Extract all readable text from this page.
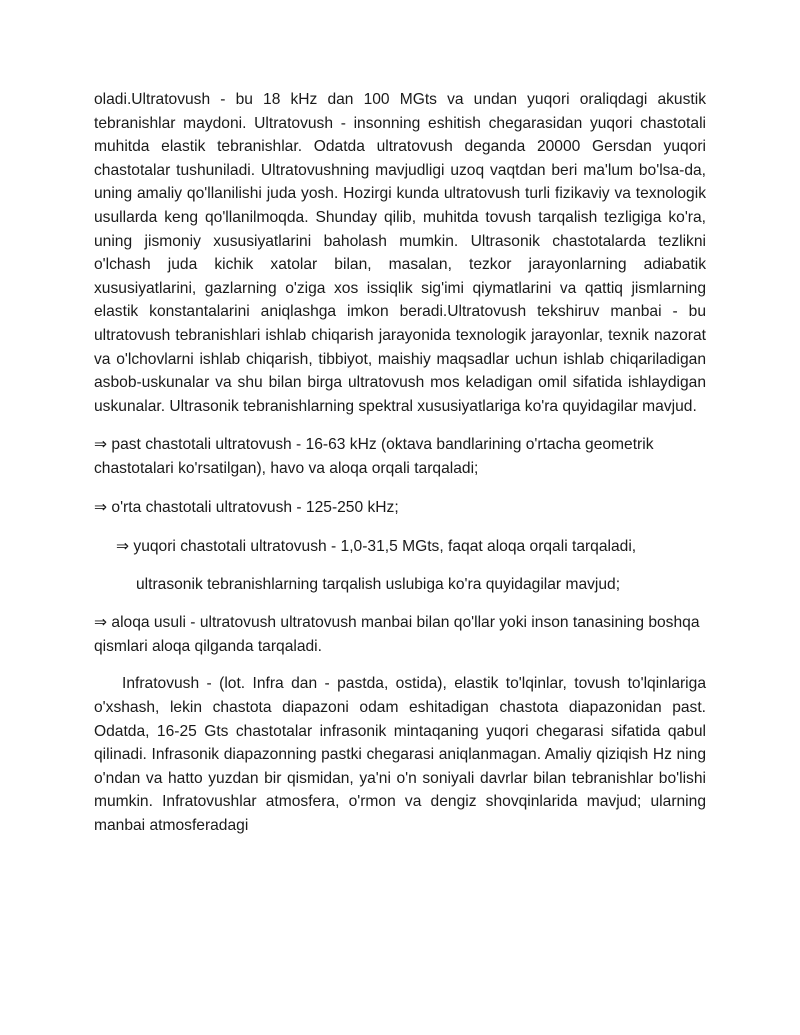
oladi.Ultratovush - bu 18 kHz dan 100 MGts va undan yuqori oraliqdagi akustik tebranishlar maydoni. Ultratovush - insonning eshitish chegarasidan yuqori chastotali muhitda elastik tebranishlar. Odatda ultratovush deganda 20000 Gersdan yuqori chastotalar tushuniladi. Ultratovushning mavjudligi uzoq vaqtdan beri ma'lum bo'lsa-da, uning amaliy qo'llanilishi juda yosh. Hozirgi kunda ultratovush turli fizikaviy va texnologik usullarda keng qo'llanilmoqda. Shunday qilib, muhitda tovush tarqalish tezligiga ko'ra, uning jismoniy xususiyatlarini baholash mumkin. Ultrasonik chastotalarda tezlikni o'lchash juda kichik xatolar bilan, masalan, tezkor jarayonlarning adiabatik xususiyatlarini, gazlarning o'ziga xos issiqlik sig'imi qiymatlarini va qattiq jismlarning elastik konstantalarini aniqlashga imkon beradi.Ultratovush tekshiruv manbai - bu ultratovush tebranishlari ishlab chiqarish jarayonida texnologik jarayonlar, texnik nazorat va o'lchovlarni ishlab chiqarish, tibbiyot, maishiy maqsadlar uchun ishlab chiqariladigan asbob-uskunalar va shu bilan birga ultratovush mos keladigan omil sifatida ishlaydigan uskunalar. Ultrasonik tebranishlarning spektral xususiyatlariga ko'ra quyidagilar mavjud.

⇒ past chastotali ultratovush - 16-63 kHz (oktava bandlarining o'rtacha geometrik chastotalari ko'rsatilgan), havo va aloqa orqali tarqaladi;

⇒ o'rta chastotali ultratovush - 125-250 kHz;

⇒ yuqori chastotali ultratovush - 1,0-31,5 MGts, faqat aloqa orqali tarqaladi,

ultrasonik tebranishlarning tarqalish uslubiga ko'ra quyidagilar mavjud;

⇒ aloqa usuli - ultratovush ultratovush manbai bilan qo'llar yoki inson tanasining boshqa qismlari aloqa qilganda tarqaladi.

Infratovush - (lot. Infra dan - pastda, ostida), elastik to'lqinlar, tovush to'lqinlariga o'xshash, lekin chastota diapazoni odam eshitadigan chastota diapazonidan past. Odatda, 16-25 Gts chastotalar infrasonik mintaqaning yuqori chegarasi sifatida qabul qilinadi. Infrasonik diapazonning pastki chegarasi aniqlanmagan. Amaliy qiziqish Hz ning o'ndan va hatto yuzdan bir qismidan, ya'ni o'n soniyali davrlar bilan tebranishlar bo'lishi mumkin. Infratovushlar atmosfera, o'rmon va dengiz shovqinlarida mavjud; ularning manbai atmosferadagi
